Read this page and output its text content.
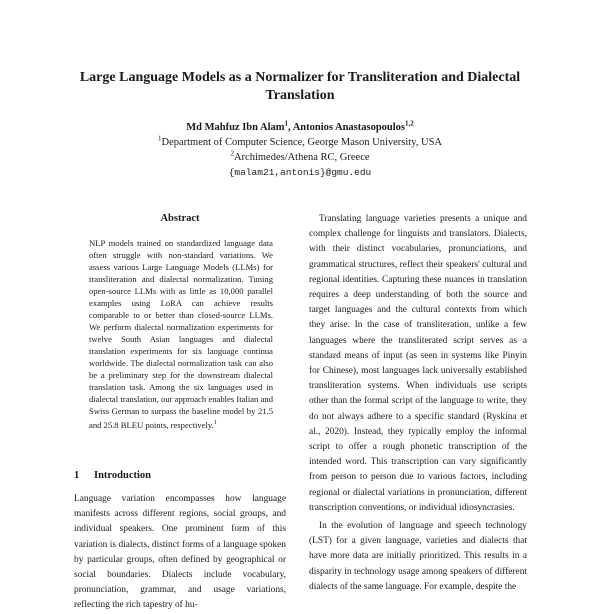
Large Language Models as a Normalizer for Transliteration and Dialectal Translation
Md Mahfuz Ibn Alam$^1$, Antonios Anastasopoulos$^{1,2}$
$^1$Department of Computer Science, George Mason University, USA
$^2$Archimedes/Athena RC, Greece
{malam21,antonis}@gmu.edu
Abstract

NLP models trained on standardized language data often struggle with non-standard variations. We assess various Large Language Models (LLMs) for transliteration and dialectal normalization. Tuning open-source LLMs with as little as 10,000 parallel examples using LoRA can achieve results comparable to or better than closed-source LLMs. We perform dialectal normalization experiments for twelve South Asian languages and dialectal translation experiments for six language continua worldwide. The dialectal normalization task can also be a preliminary step for the downstream dialectal translation task. Among the six languages used in dialectal translation, our approach enables Italian and Swiss German to surpass the baseline model by 21.5 and 25.8 BLEU points, respectively.$^1$

1 Introduction

Language variation encompasses how language manifests across different regions, social groups, and individual speakers. One prominent form of this variation is dialects, distinct forms of a language spoken by particular groups, often defined by geographical or social boundaries. Dialects include vocabulary, pronunciation, grammar, and usage variations, reflecting the rich tapestry of hu-

Translating language varieties presents a unique and complex challenge for linguists and translators. Dialects, with their distinct vocabularies, pronunciations, and grammatical structures, reflect their speakers' cultural and regional identities. Capturing these nuances in translation requires a deep understanding of both the source and target languages and the cultural contexts from which they arise. In the case of transliteration, unlike a few languages where the transliterated script serves as a standard means of input (as seen in systems like Pinyin for Chinese), most languages lack universally established transliteration systems. When individuals use scripts other than the formal script of the language to write, they do not always adhere to a specific standard (Ryskina et al., 2020). Instead, they typically employ the informal script to offer a rough phonetic transcription of the intended word. This transcription can vary significantly from person to person due to various factors, including regional or dialectal variations in pronunciation, different transcription conventions, or individual idiosyncrasies.

In the evolution of language and speech technology (LST) for a given language, varieties and dialects that have more data are initially prioritized. This results in a disparity in technology usage among speakers of different dialects of the same language. For example, despite the
